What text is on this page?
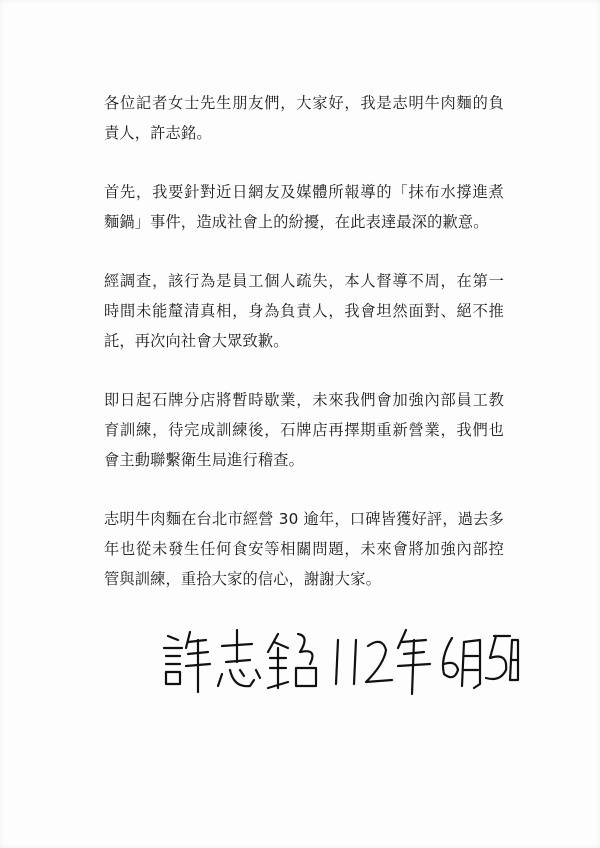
各位記者女士先生朋友們，大家好，我是志明牛肉麵的負責人，許志銘。

首先，我要針對近日網友及媒體所報導的「抹布水撐進煮麵鍋」事件，造成社會上的紛擾，在此表達最深的歉意。

經調查，該行為是員工個人疏失，本人督導不周，在第一時間未能釐清真相，身為負責人，我會坦然面對、絕不推託，再次向社會大眾致歉。

即日起石牌分店將暫時歇業，未來我們會加強內部員工教育訓練，待完成訓練後，石牌店再擇期重新營業，我們也會主動聯繫衛生局進行稽查。

志明牛肉麵在台北市經營 30 逾年，口碑皆獲好評，過去多年也從未發生任何食安等相關問題，未來會將加強內部控管與訓練，重拾大家的信心，謝謝大家。
